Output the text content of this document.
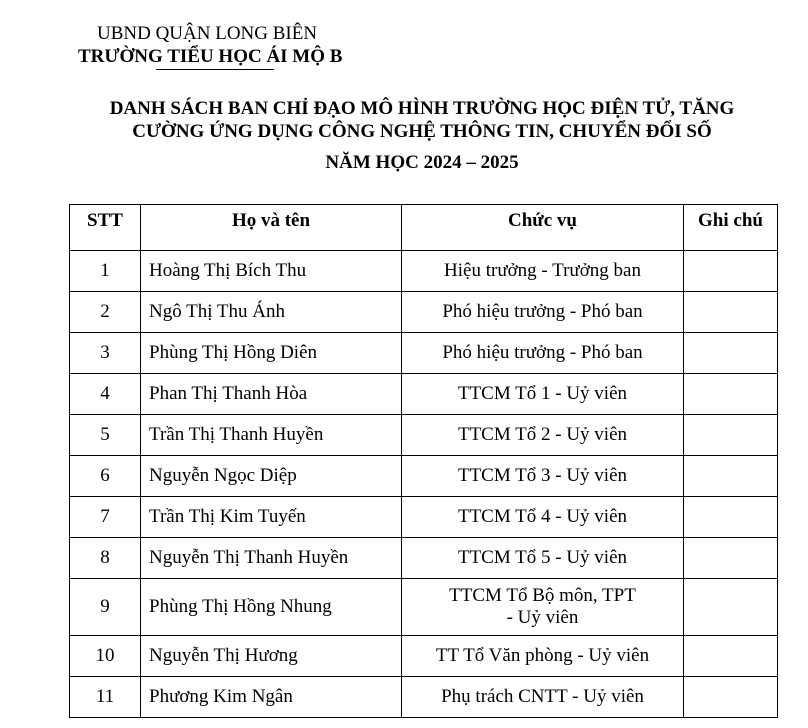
UBND QUẬN LONG BIÊN
TRƯỜNG TIỂU HỌC ÁI MỘ B
DANH SÁCH BAN CHỈ ĐẠO MÔ HÌNH TRƯỜNG HỌC ĐIỆN TỬ, TĂNG
CƯỜNG ỨNG DỤNG CÔNG NGHỆ THÔNG TIN, CHUYỂN ĐỔI SỐ
NĂM HỌC 2024 – 2025
STT	Họ và tên	Chức vụ	Ghi chú
1	Hoàng Thị Bích Thu	Hiệu trưởng - Trưởng ban	
2	Ngô Thị Thu Ánh	Phó hiệu trưởng - Phó ban	
3	Phùng Thị Hồng Diên	Phó hiệu trưởng - Phó ban	
4	Phan Thị Thanh Hòa	TTCM Tổ 1 - Uỷ viên	
5	Trần Thị Thanh Huyền	TTCM Tổ 2 - Uỷ viên	
6	Nguyễn Ngọc Diệp	TTCM Tổ 3 - Uỷ viên	
7	Trần Thị Kim Tuyến	TTCM Tổ 4 - Uỷ viên	
8	Nguyễn Thị Thanh Huyền	TTCM Tổ 5 - Uỷ viên	
9	Phùng Thị Hồng Nhung	TTCM Tổ Bộ môn, TPT
- Uỷ viên	

10	Nguyễn Thị Hương	TT Tổ Văn phòng - Uỷ viên	
11	Phương Kim Ngân	Phụ trách CNTT - Uỷ viên	
